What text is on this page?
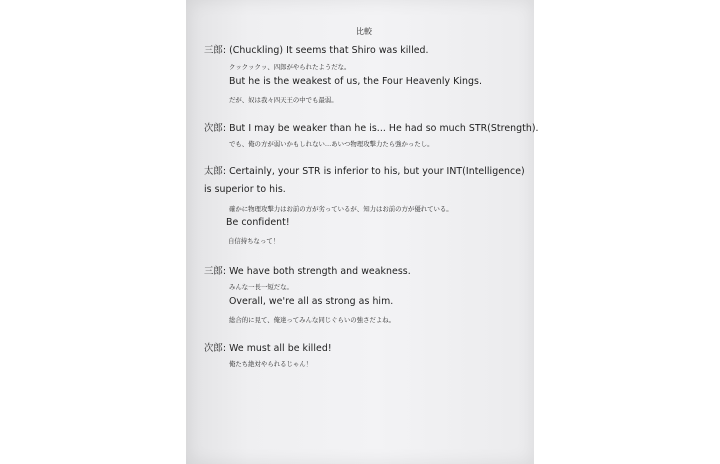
比較
三郎: (Chuckling) It seems that Shiro was killed.
クックックッ、四郎がやられたようだな。
But he is the weakest of us, the Four Heavenly Kings.
だが、奴は我々四天王の中でも最弱。
次郎: But I may be weaker than he is... He had so much STR(Strength).
でも、俺の方が弱いかもしれない…あいつ物理攻撃力たら強かったし。
太郎: Certainly, your STR is inferior to his, but your INT(Intelligence)
is superior to his.
確かに物理攻撃力はお前の方が劣っているが、知力はお前の方が優れている。
Be confident!
自信持ちなって！
三郎: We have both strength and weakness.
みんな一長一短だな。
Overall, we're all as strong as him.
総合的に見て、俺達ってみんな同じぐらいの強さだよね。
次郎: We must all be killed!
俺たち絶対やられるじゃん！
